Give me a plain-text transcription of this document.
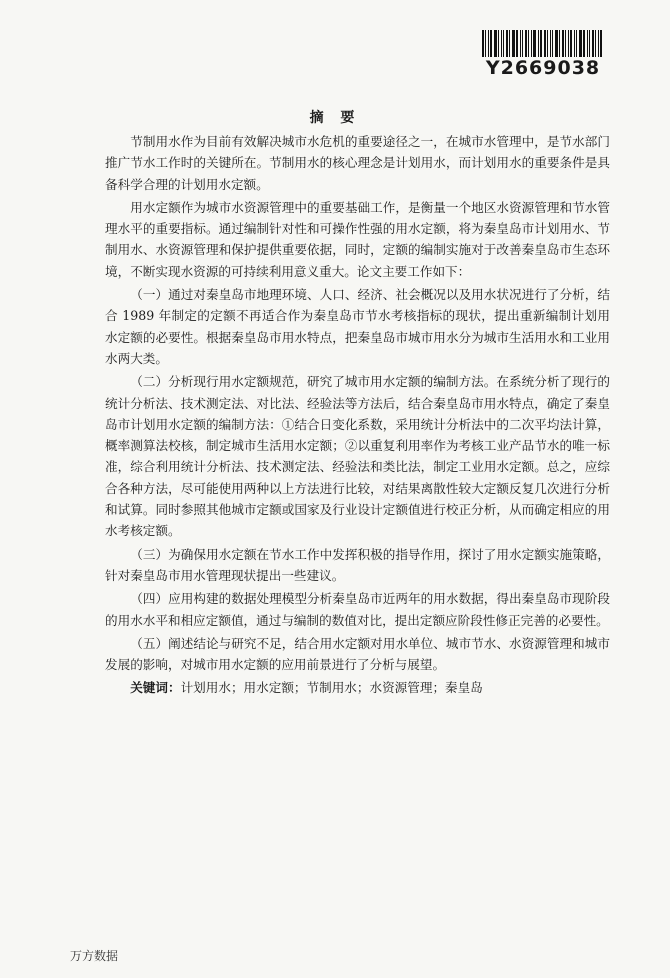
Y2669038
摘 要

节制用水作为目前有效解决城市水危机的重要途径之一，在城市水管理中，是节水部门推广节水工作时的关键所在。节制用水的核心理念是计划用水，而计划用水的重要条件是具备科学合理的计划用水定额。

用水定额作为城市水资源管理中的重要基础工作，是衡量一个地区水资源管理和节水管理水平的重要指标。通过编制针对性和可操作性强的用水定额，将为秦皇岛市计划用水、节制用水、水资源管理和保护提供重要依据，同时，定额的编制实施对于改善秦皇岛市生态环境，不断实现水资源的可持续利用意义重大。论文主要工作如下：

（一）通过对秦皇岛市地理环境、人口、经济、社会概况以及用水状况进行了分析，结合 1989 年制定的定额不再适合作为秦皇岛市节水考核指标的现状，提出重新编制计划用水定额的必要性。根据秦皇岛市用水特点，把秦皇岛市城市用水分为城市生活用水和工业用水两大类。

（二）分析现行用水定额规范，研究了城市用水定额的编制方法。在系统分析了现行的统计分析法、技术测定法、对比法、经验法等方法后，结合秦皇岛市用水特点，确定了秦皇岛市计划用水定额的编制方法：①结合日变化系数，采用统计分析法中的二次平均法计算，概率测算法校核，制定城市生活用水定额；②以重复利用率作为考核工业产品节水的唯一标准，综合利用统计分析法、技术测定法、经验法和类比法，制定工业用水定额。总之，应综合各种方法，尽可能使用两种以上方法进行比较，对结果离散性较大定额反复几次进行分析和试算。同时参照其他城市定额或国家及行业设计定额值进行校正分析，从而确定相应的用水考核定额。

（三）为确保用水定额在节水工作中发挥积极的指导作用，探讨了用水定额实施策略，针对秦皇岛市用水管理现状提出一些建议。

（四）应用构建的数据处理模型分析秦皇岛市近两年的用水数据，得出秦皇岛市现阶段的用水水平和相应定额值，通过与编制的数值对比，提出定额应阶段性修正完善的必要性。

（五）阐述结论与研究不足，结合用水定额对用水单位、城市节水、水资源管理和城市发展的影响，对城市用水定额的应用前景进行了分析与展望。

关键词：计划用水；用水定额；节制用水；水资源管理；秦皇岛
万方数据
